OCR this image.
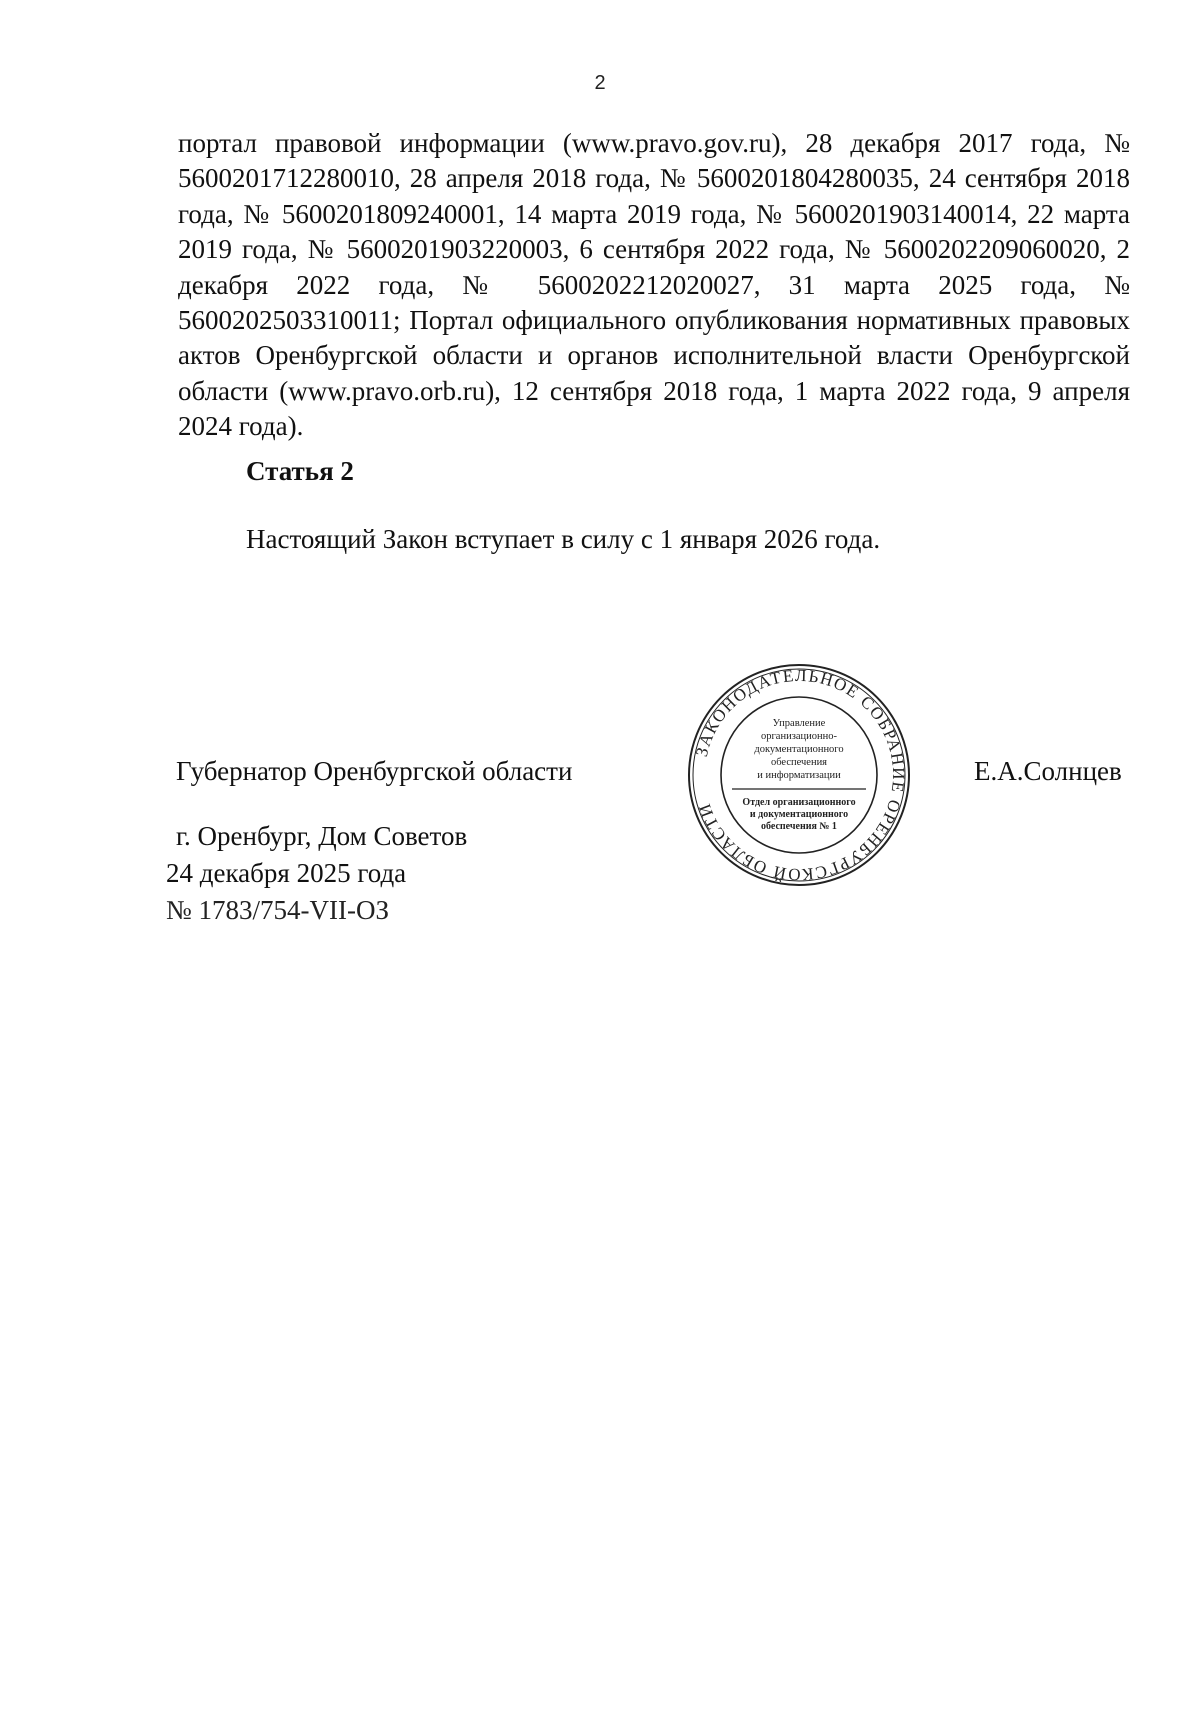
2

портал правовой информации (www.pravo.gov.ru), 28 декабря 2017 года, № 5600201712280010, 28 апреля 2018 года, № 5600201804280035, 24 сентября 2018 года, № 5600201809240001, 14 марта 2019 года, № 5600201903140014, 22 марта 2019 года, № 5600201903220003, 6 сентября 2022 года, № 5600202209060020, 2 декабря 2022 года, № 5600202212020027, 31 марта 2025 года, № 5600202503310011; Портал официального опубликования нормативных правовых актов Оренбургской области и органов исполнительной власти Оренбургской области (www.pravo.orb.ru), 12 сентября 2018 года, 1 марта 2022 года, 9 апреля 2024 года).

Статья 2

Настоящий Закон вступает в силу с 1 января 2026 года.

Губернатор Оренбургской области
ЗАКОНОДАТЕЛЬНОЕ СОБРАНИЕ ОРЕНБУРГСКОЙ ОБЛАСТИ
Управление
организационно-
документационного
обеспечения
и информатизации
Отдел организационного
и документационного
обеспечения № 1
Е.А.Солнцев
г. Оренбург, Дом Советов
24 декабря 2025 года
№ 1783/754-VII-ОЗ
